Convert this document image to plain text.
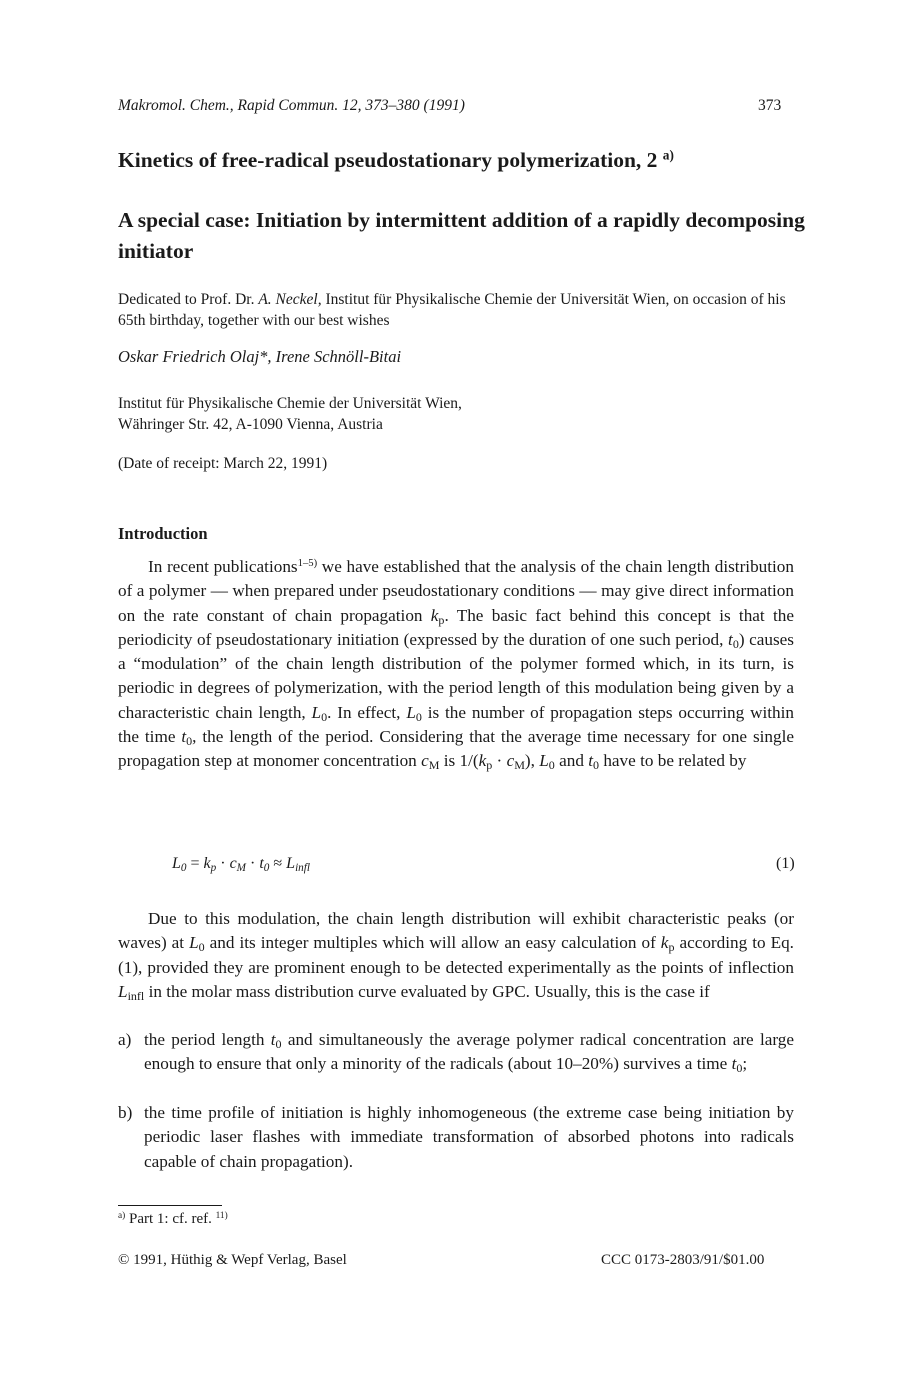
Makromol. Chem., Rapid Commun. 12, 373–380 (1991)	373
Kinetics of free-radical pseudostationary polymerization, 2 $^{a)}$
A special case: Initiation by intermittent addition of a rapidly decomposing initiator
Dedicated to Prof. Dr. A. Neckel, Institut für Physikalische Chemie der Universität Wien, on occasion of his 65th birthday, together with our best wishes
Oskar Friedrich Olaj*, Irene Schnöll-Bitai
Institut für Physikalische Chemie der Universität Wien,
Währinger Str. 42, A-1090 Vienna, Austria
(Date of receipt: March 22, 1991)
Introduction
In recent publications$^{1-5)}$ we have established that the analysis of the chain length distribution of a polymer — when prepared under pseudostationary conditions — may give direct information on the rate constant of chain propagation $k_p$. The basic fact behind this concept is that the periodicity of pseudostationary initiation (expressed by the duration of one such period, $t_0$) causes a “modulation” of the chain length distribution of the polymer formed which, in its turn, is periodic in degrees of polymerization, with the period length of this modulation being given by a characteristic chain length, $L_0$. In effect, $L_0$ is the number of propagation steps occurring within the time $t_0$, the length of the period. Considering that the average time necessary for one single propagation step at monomer concentration $c_M$ is $1/(k_p \cdot c_M)$, $L_0$ and $t_0$ have to be related by
$L_0 = k_p \cdot c_M \cdot t_0 \approx L_{infl}$	(1)
Due to this modulation, the chain length distribution will exhibit characteristic peaks (or waves) at $L_0$ and its integer multiples which will allow an easy calculation of $k_p$ according to Eq. (1), provided they are prominent enough to be detected experimentally as the points of inflection $L_{infl}$ in the molar mass distribution curve evaluated by GPC. Usually, this is the case if
a) the period length $t_0$ and simultaneously the average polymer radical concentration are large enough to ensure that only a minority of the radicals (about 10–20%) survives a time $t_0$;
b) the time profile of initiation is highly inhomogeneous (the extreme case being initiation by periodic laser flashes with immediate transformation of absorbed photons into radicals capable of chain propagation).
$^{a)}$ Part 1: cf. ref. $^{11)}$
© 1991, Hüthig & Wepf Verlag, Basel	CCC 0173-2803/91/$01.00
